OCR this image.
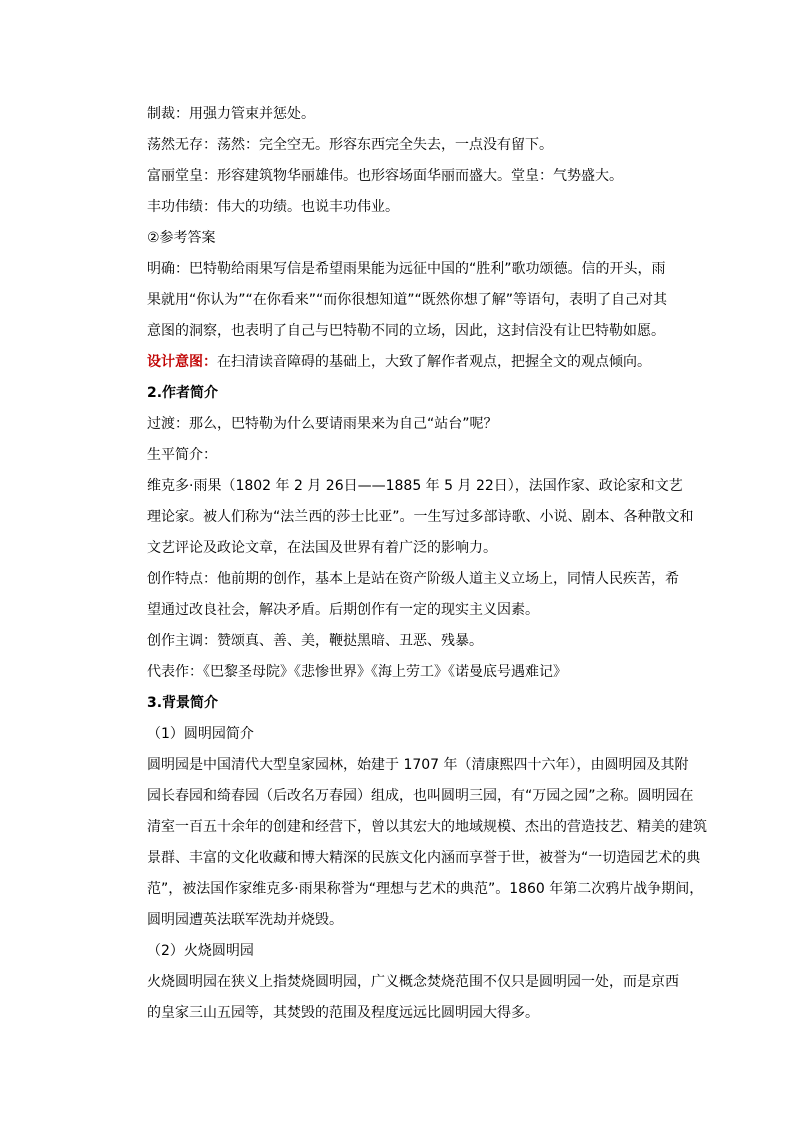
制裁：用强力管束并惩处。
荡然无存：荡然：完全空无。形容东西完全失去，一点没有留下。
富丽堂皇：形容建筑物华丽雄伟。也形容场面华丽而盛大。堂皇：气势盛大。
丰功伟绩：伟大的功绩。也说丰功伟业。
②参考答案
明确：巴特勒给雨果写信是希望雨果能为远征中国的“胜利”歌功颂德。信的开头，雨
果就用“你认为”“在你看来”“而你很想知道”“既然你想了解”等语句，表明了自己对其
意图的洞察，也表明了自己与巴特勒不同的立场，因此，这封信没有让巴特勒如愿。
设计意图：在扫清读音障碍的基础上，大致了解作者观点，把握全文的观点倾向。
2.作者简介
过渡：那么，巴特勒为什么要请雨果来为自己“站台”呢？
生平简介：
维克多·雨果（1802 年 2 月 26日——1885 年 5 月 22日），法国作家、政论家和文艺
理论家。被人们称为“法兰西的莎士比亚”。一生写过多部诗歌、小说、剧本、各种散文和
文艺评论及政论文章，在法国及世界有着广泛的影响力。
创作特点：他前期的创作，基本上是站在资产阶级人道主义立场上，同情人民疾苦，希
望通过改良社会，解决矛盾。后期创作有一定的现实主义因素。
创作主调：赞颂真、善、美，鞭挞黑暗、丑恶、残暴。
代表作：《巴黎圣母院》《悲惨世界》《海上劳工》《诺曼底号遇难记》
3.背景简介
（1）圆明园简介
圆明园是中国清代大型皇家园林，始建于 1707 年（清康熙四十六年），由圆明园及其附
园长春园和绮春园（后改名万春园）组成，也叫圆明三园，有“万园之园”之称。圆明园在
清室一百五十余年的创建和经营下，曾以其宏大的地域规模、杰出的营造技艺、精美的建筑
景群、丰富的文化收藏和博大精深的民族文化内涵而享誉于世，被誉为“一切造园艺术的典
范”，被法国作家维克多·雨果称誉为“理想与艺术的典范”。1860 年第二次鸦片战争期间，
圆明园遭英法联军洗劫并烧毁。
（2）火烧圆明园
火烧圆明园在狭义上指焚烧圆明园，广义概念焚烧范围不仅只是圆明园一处，而是京西
的皇家三山五园等，其焚毁的范围及程度远远比圆明园大得多。
